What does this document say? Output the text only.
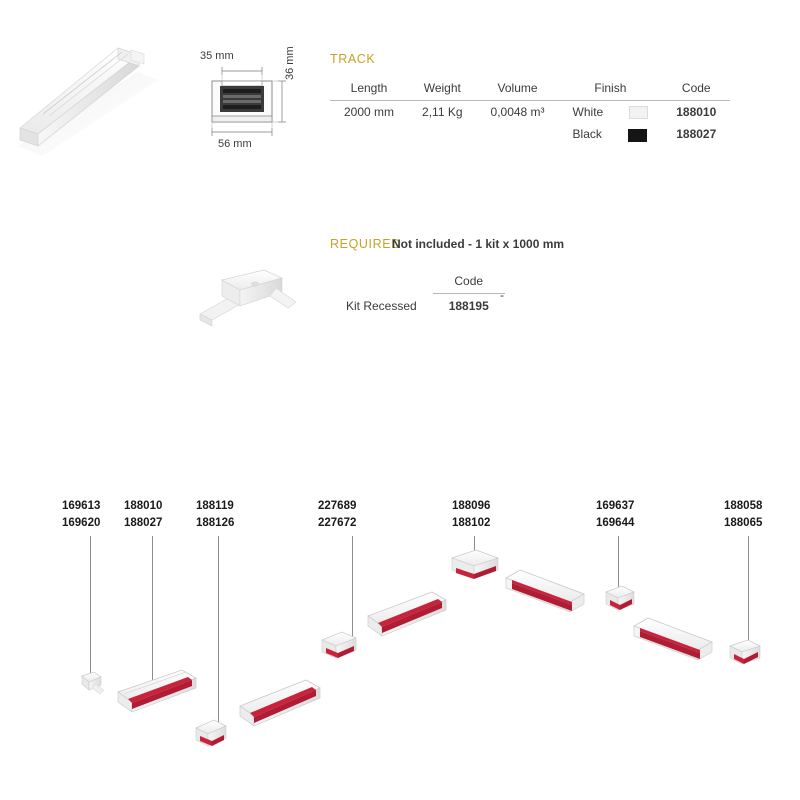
35 mm
56 mm
36 mm	TRACK
Length	Weight	Volume	Finish	Code
2000 mm	2,11 Kg	0,0048 m³	White	188010
			Black	188027
REQUIRED
Not included - 1 kit x 1000 mm
	Code
Kit Recessed	188195
-
169613
169620
188010
188027
188119
188126
227689
227672
188096
188102
169637
169644
188058
188065
